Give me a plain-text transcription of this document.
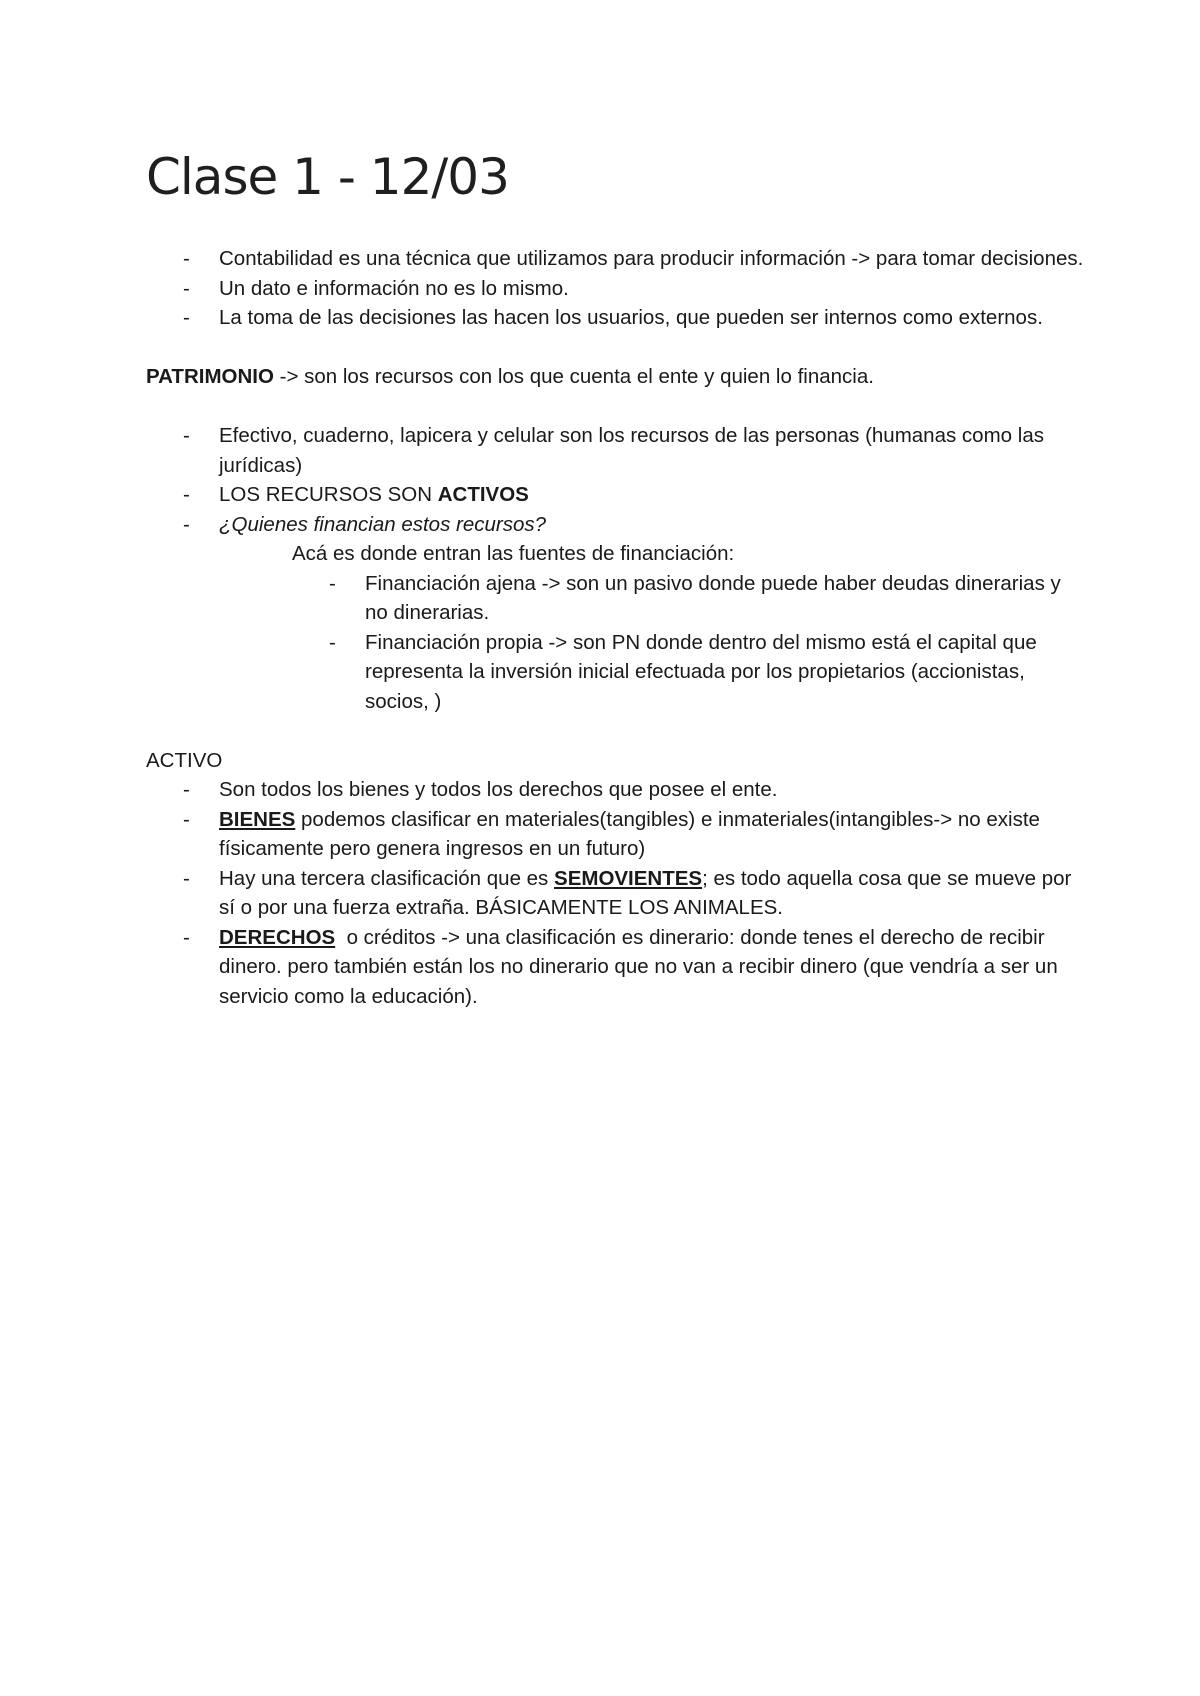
Clase 1 - 12/03
- Contabilidad es una técnica que utilizamos para producir información -> para tomar decisiones.
- Un dato e información no es lo mismo.
- La toma de las decisiones las hacen los usuarios, que pueden ser internos como externos.

PATRIMONIO -> son los recursos con los que cuenta el ente y quien lo financia.

- Efectivo, cuaderno, lapicera y celular son los recursos de las personas (humanas como las jurídicas)
- LOS RECURSOS SON ACTIVOS
- ¿Quienes financian estos recursos?

Acá es donde entran las fuentes de financiación:

- Financiación ajena -> son un pasivo donde puede haber deudas dinerarias y no dinerarias.
- Financiación propia -> son PN donde dentro del mismo está el capital que representa la inversión inicial efectuada por los propietarios (accionistas, socios, )

ACTIVO

- Son todos los bienes y todos los derechos que posee el ente.
- BIENES podemos clasificar en materiales(tangibles) e inmateriales(intangibles-> no existe físicamente pero genera ingresos en un futuro)
- Hay una tercera clasificación que es SEMOVIENTES; es todo aquella cosa que se mueve por sí o por una fuerza extraña. BÁSICAMENTE LOS ANIMALES.
- DERECHOS  o créditos -> una clasificación es dinerario: donde tenes el derecho de recibir dinero. pero también están los no dinerario que no van a recibir dinero (que vendría a ser un servicio como la educación).
